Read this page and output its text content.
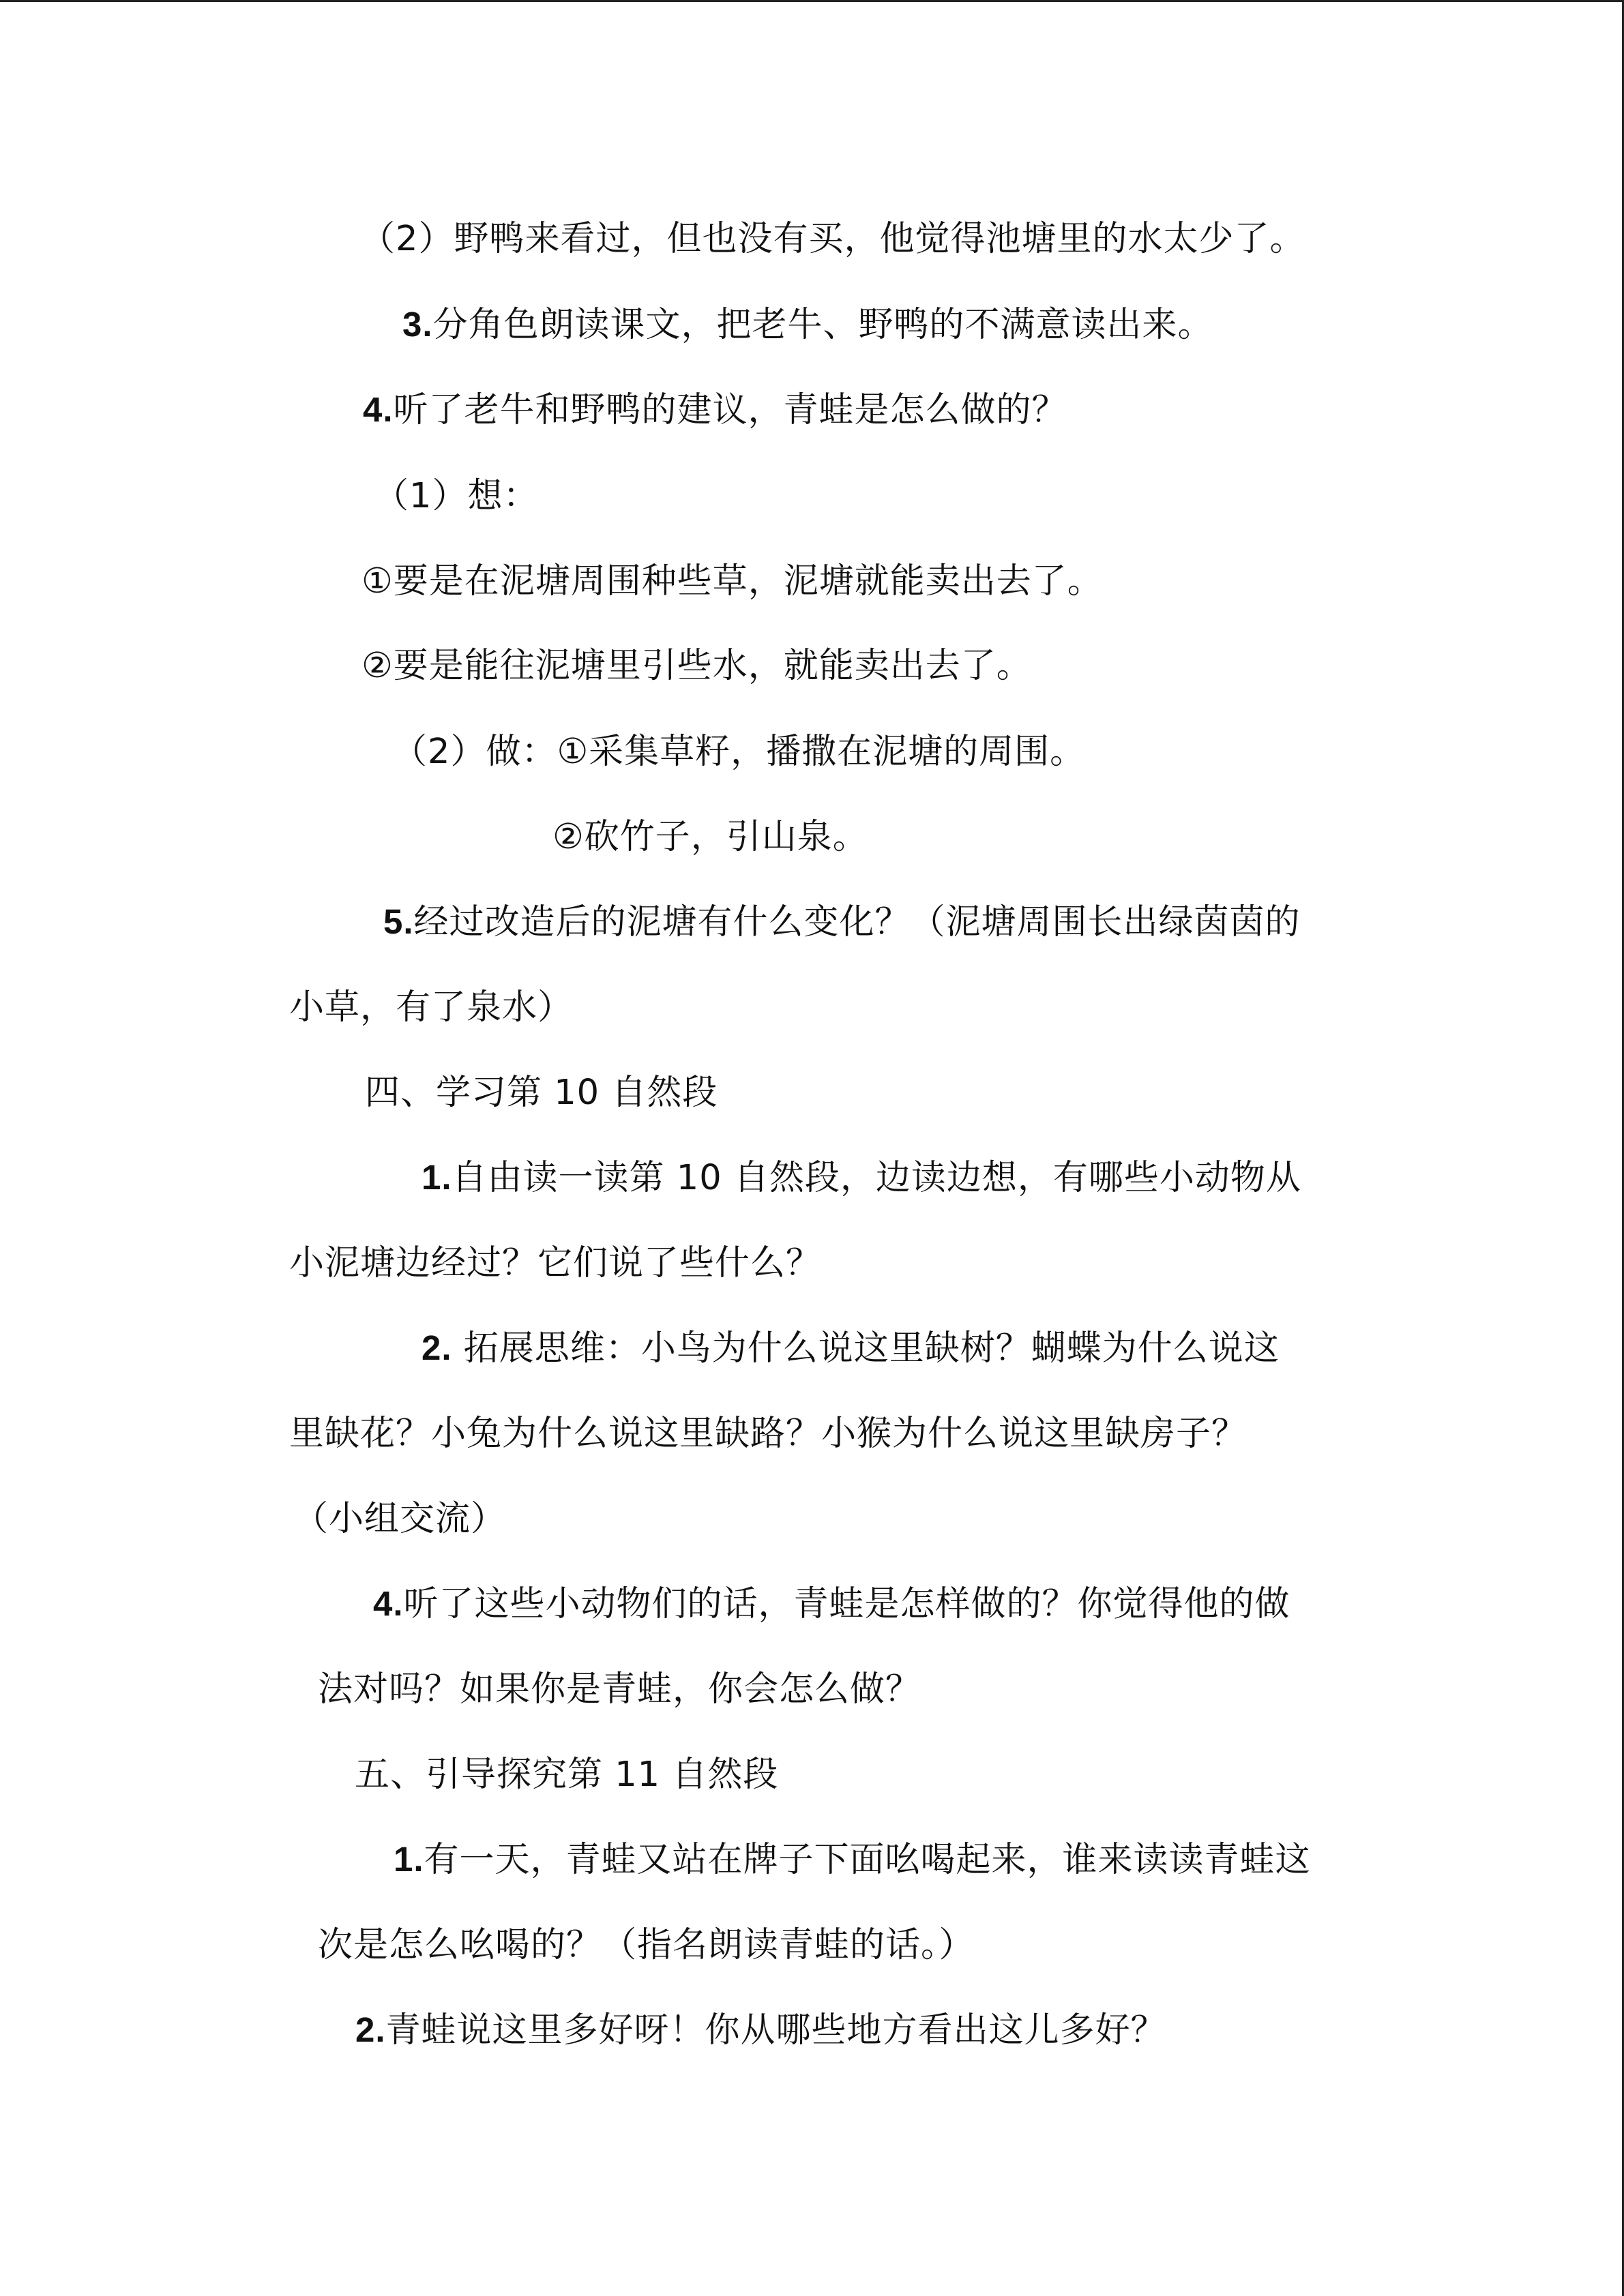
（2）野鸭来看过，但也没有买，他觉得池塘里的水太少了。

3.分角色朗读课文，把老牛、野鸭的不满意读出来。

4.听了老牛和野鸭的建议，青蛙是怎么做的？

（1）想：

①要是在泥塘周围种些草，泥塘就能卖出去了。

②要是能往泥塘里引些水，就能卖出去了。

（2）做：①采集草籽，播撒在泥塘的周围。

②砍竹子，引山泉。

5.经过改造后的泥塘有什么变化？（泥塘周围长出绿茵茵的

小草，有了泉水）

四、学习第 10 自然段

1.自由读一读第 10 自然段，边读边想，有哪些小动物从

小泥塘边经过？它们说了些什么？

2. 拓展思维：小鸟为什么说这里缺树？蝴蝶为什么说这

里缺花？小兔为什么说这里缺路？小猴为什么说这里缺房子？

（小组交流）

4.听了这些小动物们的话，青蛙是怎样做的？你觉得他的做

法对吗？如果你是青蛙，你会怎么做？

五、引导探究第 11 自然段

1.有一天，青蛙又站在牌子下面吆喝起来，谁来读读青蛙这

次是怎么吆喝的？（指名朗读青蛙的话。）

2.青蛙说这里多好呀！你从哪些地方看出这儿多好？
